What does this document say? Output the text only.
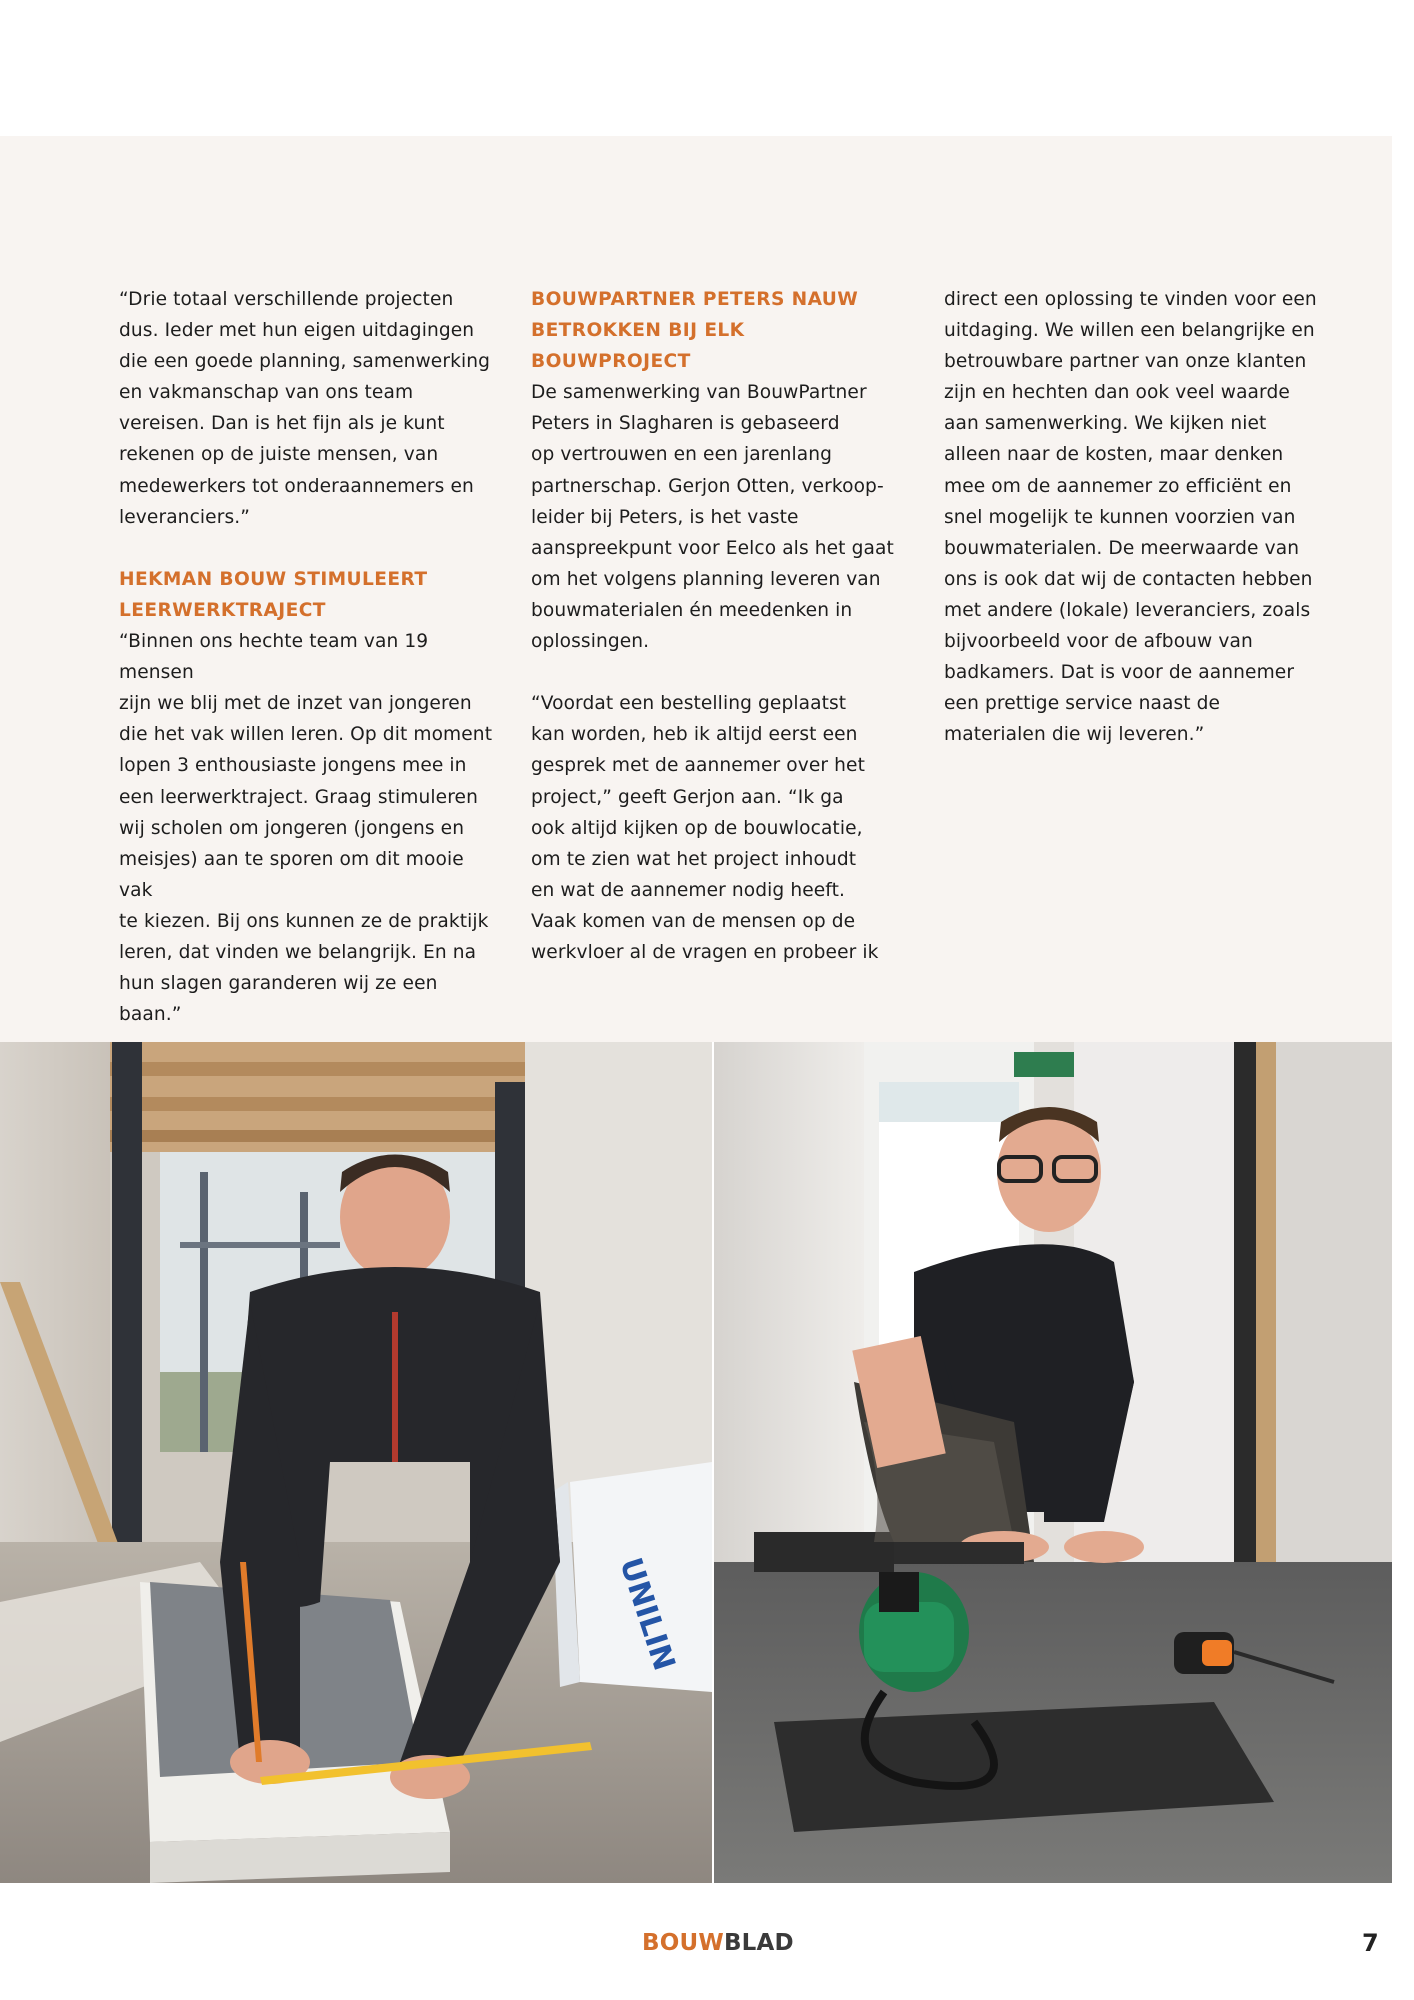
“Drie totaal verschillende projecten
dus. Ieder met hun eigen uitdagingen
die een goede planning, samenwerking
en vakmanschap van ons team
vereisen. Dan is het fijn als je kunt
rekenen op de juiste mensen, van
medewerkers tot onderaannemers en
leveranciers.”

HEKMAN BOUW STIMULEERT
LEERWERKTRAJECT

“Binnen ons hechte team van 19 mensen
zijn we blij met de inzet van jongeren
die het vak willen leren. Op dit moment
lopen 3 enthousiaste jongens mee in
een leerwerktraject. Graag stimuleren
wij scholen om jongeren (jongens en
meisjes) aan te sporen om dit mooie vak
te kiezen. Bij ons kunnen ze de praktijk
leren, dat vinden we belangrijk. En na
hun slagen garanderen wij ze een baan.”

BOUWPARTNER PETERS NAUW
BETROKKEN BIJ ELK BOUWPROJECT

De samenwerking van BouwPartner
Peters in Slagharen is gebaseerd
op vertrouwen en een jarenlang
partnerschap. Gerjon Otten, verkoop-
leider bij Peters, is het vaste
aanspreekpunt voor Eelco als het gaat
om het volgens planning leveren van
bouwmaterialen én meedenken in
oplossingen.

“Voordat een bestelling geplaatst
kan worden, heb ik altijd eerst een
gesprek met de aannemer over het
project,” geeft Gerjon aan. “Ik ga
ook altijd kijken op de bouwlocatie,
om te zien wat het project inhoudt
en wat de aannemer nodig heeft.
Vaak komen van de mensen op de
werkvloer al de vragen en probeer ik

direct een oplossing te vinden voor een
uitdaging. We willen een belangrijke en
betrouwbare partner van onze klanten
zijn en hechten dan ook veel waarde
aan samenwerking. We kijken niet
alleen naar de kosten, maar denken
mee om de aannemer zo efficiënt en
snel mogelijk te kunnen voorzien van
bouwmaterialen. De meerwaarde van
ons is ook dat wij de contacten hebben
met andere (lokale) leveranciers, zoals
bijvoorbeeld voor de afbouw van
badkamers. Dat is voor de aannemer
een prettige service naast de
materialen die wij leveren.”

UNILIN
BOUWBLAD	7
